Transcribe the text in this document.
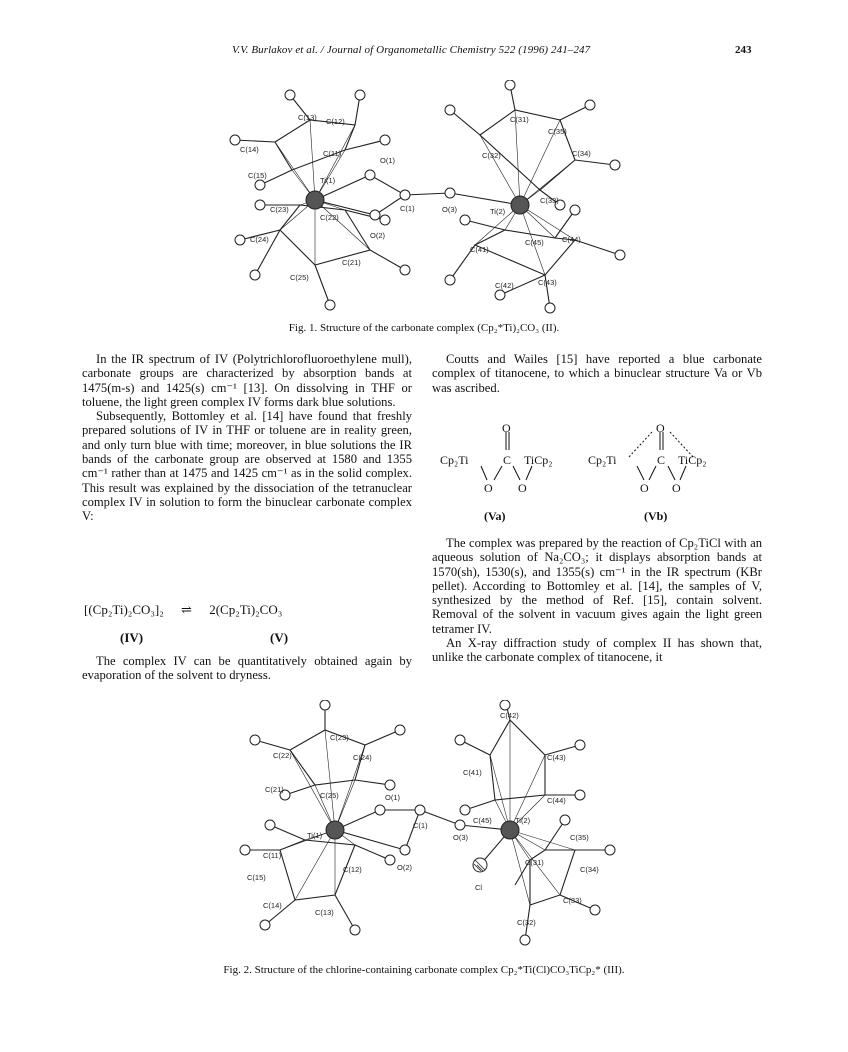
V.V. Burlakov et al. / Journal of Organometallic Chemistry 522 (1996) 241–247	243
C(13) C(12)
C(14)	C(11)
O(1)
C(15)
Ti(1)
C(23)
C(22)
C(1)
O(2)
C(24)
C(21)
C(25)
C(31)
C(35)
C(32)	C(34)
O(3)	Ti(2)
C(33)
C(41)
C(45) C(44)
C(43)
C(42)
Fig. 1. Structure of the carbonate complex (Cp₂*Ti)₂CO₃ (II).

In the IR spectrum of IV (Polytrichlorofluoroethylene mull), carbonate groups are characterized by absorption bands at 1475(m-s) and 1425(s) cm⁻¹ [13]. On dissolving in THF or toluene, the light green complex IV forms dark blue solutions.

Subsequently, Bottomley et al. [14] have found that freshly prepared solutions of IV in THF or toluene are in reality green, and only turn blue with time; moreover, in blue solutions the IR bands of the carbonate group are observed at 1580 and 1355 cm⁻¹ rather than at 1475 and 1425 cm⁻¹ as in the solid complex. This result was explained by the dissociation of the tetranuclear complex IV in solution to form the binuclear carbonate complex V:

[(Cp₂Ti)₂CO₃]₂ ⇌ 2(Cp₂Ti)₂CO₃
(IV)	(V)

The complex IV can be quantitatively obtained again by evaporation of the solvent to dryness.

Coutts and Wailes [15] have reported a blue carbonate complex of titanocene, to which a binuclear structure Va or Vb was ascribed.

O
Cp₂Ti	C TiCp₂
O O
O
Cp₂Ti	C TiCp₂
O O
(Va)	(Vb)

The complex was prepared by the reaction of Cp₂TiCl with an aqueous solution of Na₂CO₃; it displays absorption bands at 1570(sh), 1530(s), and 1355(s) cm⁻¹ in the IR spectrum (KBr pellet). According to Bottomley et al. [14], the samples of V, synthesized by the method of Ref. [15], contain solvent. Removal of the solvent in vacuum gives again the light green tetramer IV.

An X-ray diffraction study of complex II has shown that, unlike the carbonate complex of titanocene, it

C(23)
C(22)	C(24)
C(21)
C(25)	O(1)
C(1)
Ti(1)
C(11)
C(12)
C(15)
C(14)
C(13)
O(2)
C(42)
C(41)
C(43)
C(44)
C(45)	Ti(2)
O(3)	C(35)
C(31)
C(34)
C(33)
C(32)
Cl
Fig. 2. Structure of the chlorine-containing carbonate complex Cp₂*Ti(Cl)CO₃TiCp₂* (III).
